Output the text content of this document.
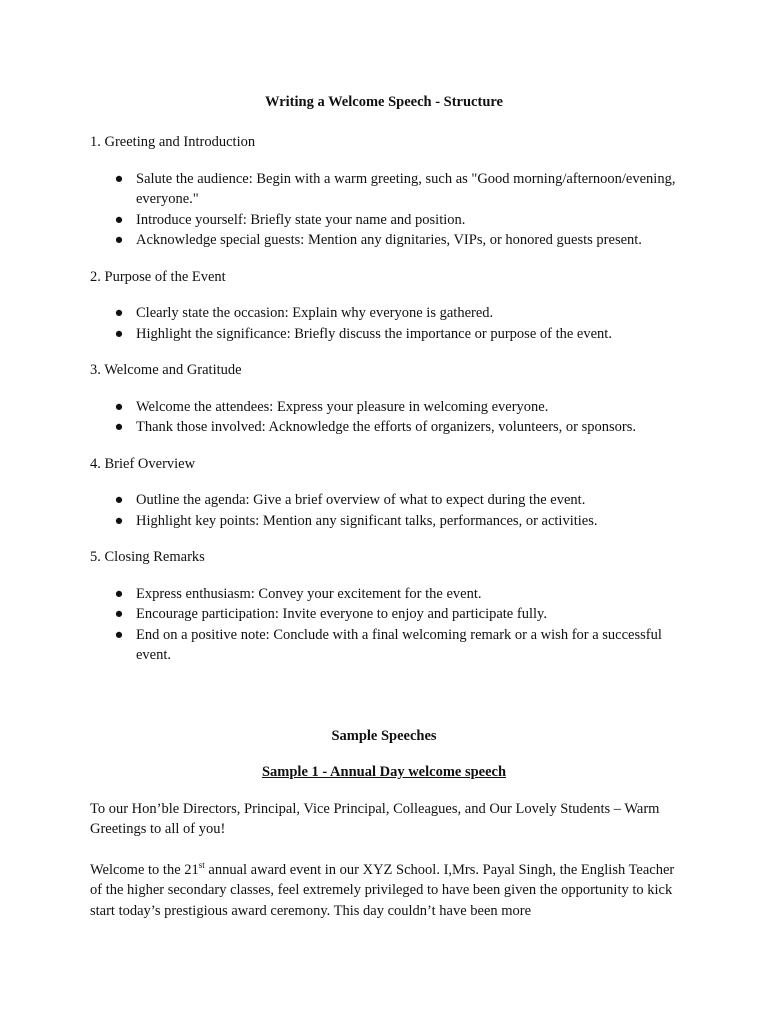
Writing a Welcome Speech - Structure
1. Greeting and Introduction
● Salute the audience: Begin with a warm greeting, such as "Good morning/afternoon/evening, everyone."
● Introduce yourself: Briefly state your name and position.
● Acknowledge special guests: Mention any dignitaries, VIPs, or honored guests present.
2. Purpose of the Event
● Clearly state the occasion: Explain why everyone is gathered.
● Highlight the significance: Briefly discuss the importance or purpose of the event.
3. Welcome and Gratitude
● Welcome the attendees: Express your pleasure in welcoming everyone.
● Thank those involved: Acknowledge the efforts of organizers, volunteers, or sponsors.
4. Brief Overview
● Outline the agenda: Give a brief overview of what to expect during the event.
● Highlight key points: Mention any significant talks, performances, or activities.
5. Closing Remarks
● Express enthusiasm: Convey your excitement for the event.
● Encourage participation: Invite everyone to enjoy and participate fully.
● End on a positive note: Conclude with a final welcoming remark or a wish for a successful event.
Sample Speeches
Sample 1 - Annual Day welcome speech

To our Hon’ble Directors, Principal, Vice Principal, Colleagues, and Our Lovely Students – Warm Greetings to all of you!

Welcome to the 21st annual award event in our XYZ School. I,Mrs. Payal Singh, the English Teacher of the higher secondary classes, feel extremely privileged to have been given the opportunity to kick start today’s prestigious award ceremony. This day couldn’t have been more
